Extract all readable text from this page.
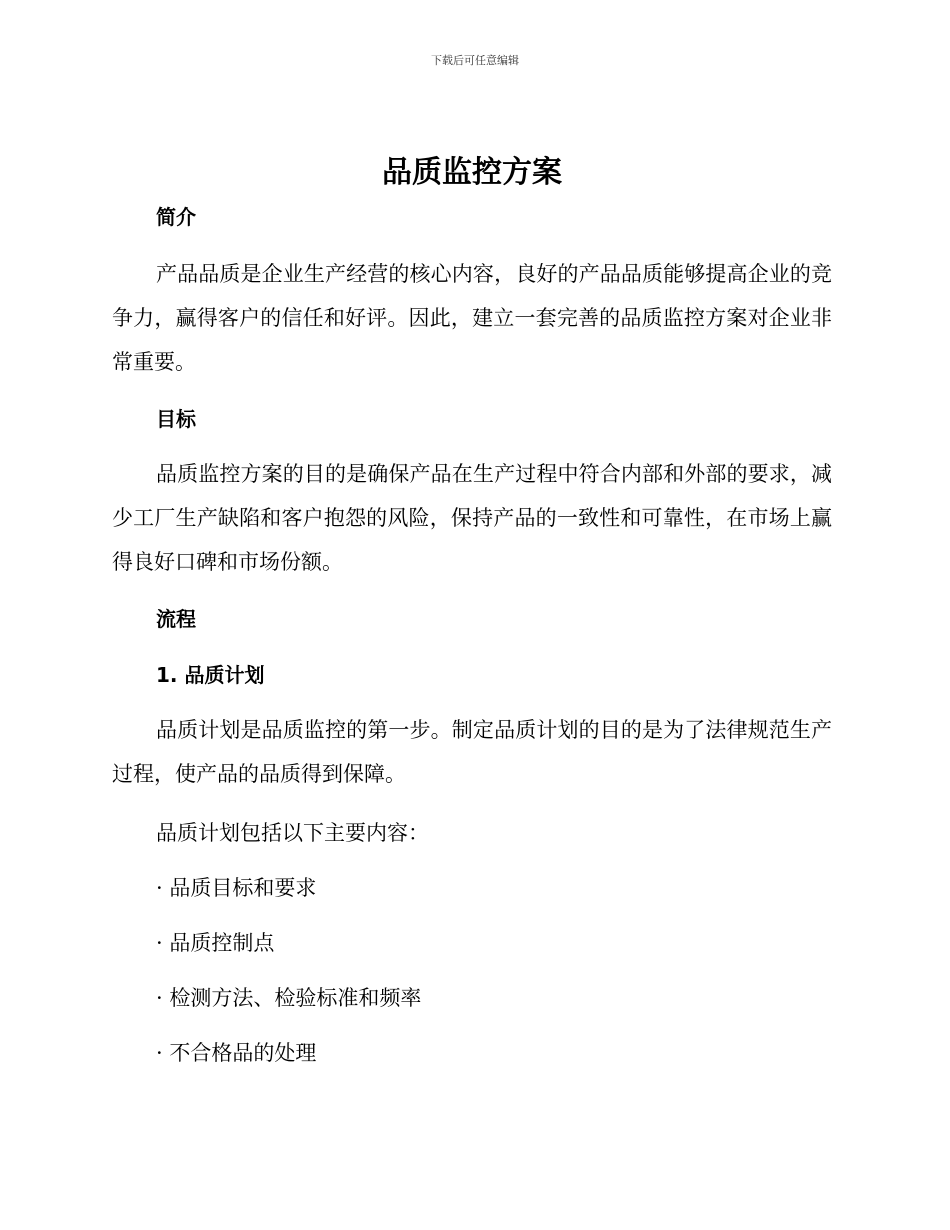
下载后可任意编辑
品质监控方案
简介

产品品质是企业生产经营的核心内容，良好的产品品质能够提高企业的竞争力，赢得客户的信任和好评。因此，建立一套完善的品质监控方案对企业非常重要。

目标

品质监控方案的目的是确保产品在生产过程中符合内部和外部的要求，减少工厂生产缺陷和客户抱怨的风险，保持产品的一致性和可靠性，在市场上赢得良好口碑和市场份额。

流程
1. 品质计划

品质计划是品质监控的第一步。制定品质计划的目的是为了法律规范生产过程，使产品的品质得到保障。

品质计划包括以下主要内容：

· 品质目标和要求

· 品质控制点

· 检测方法、检验标准和频率

· 不合格品的处理
